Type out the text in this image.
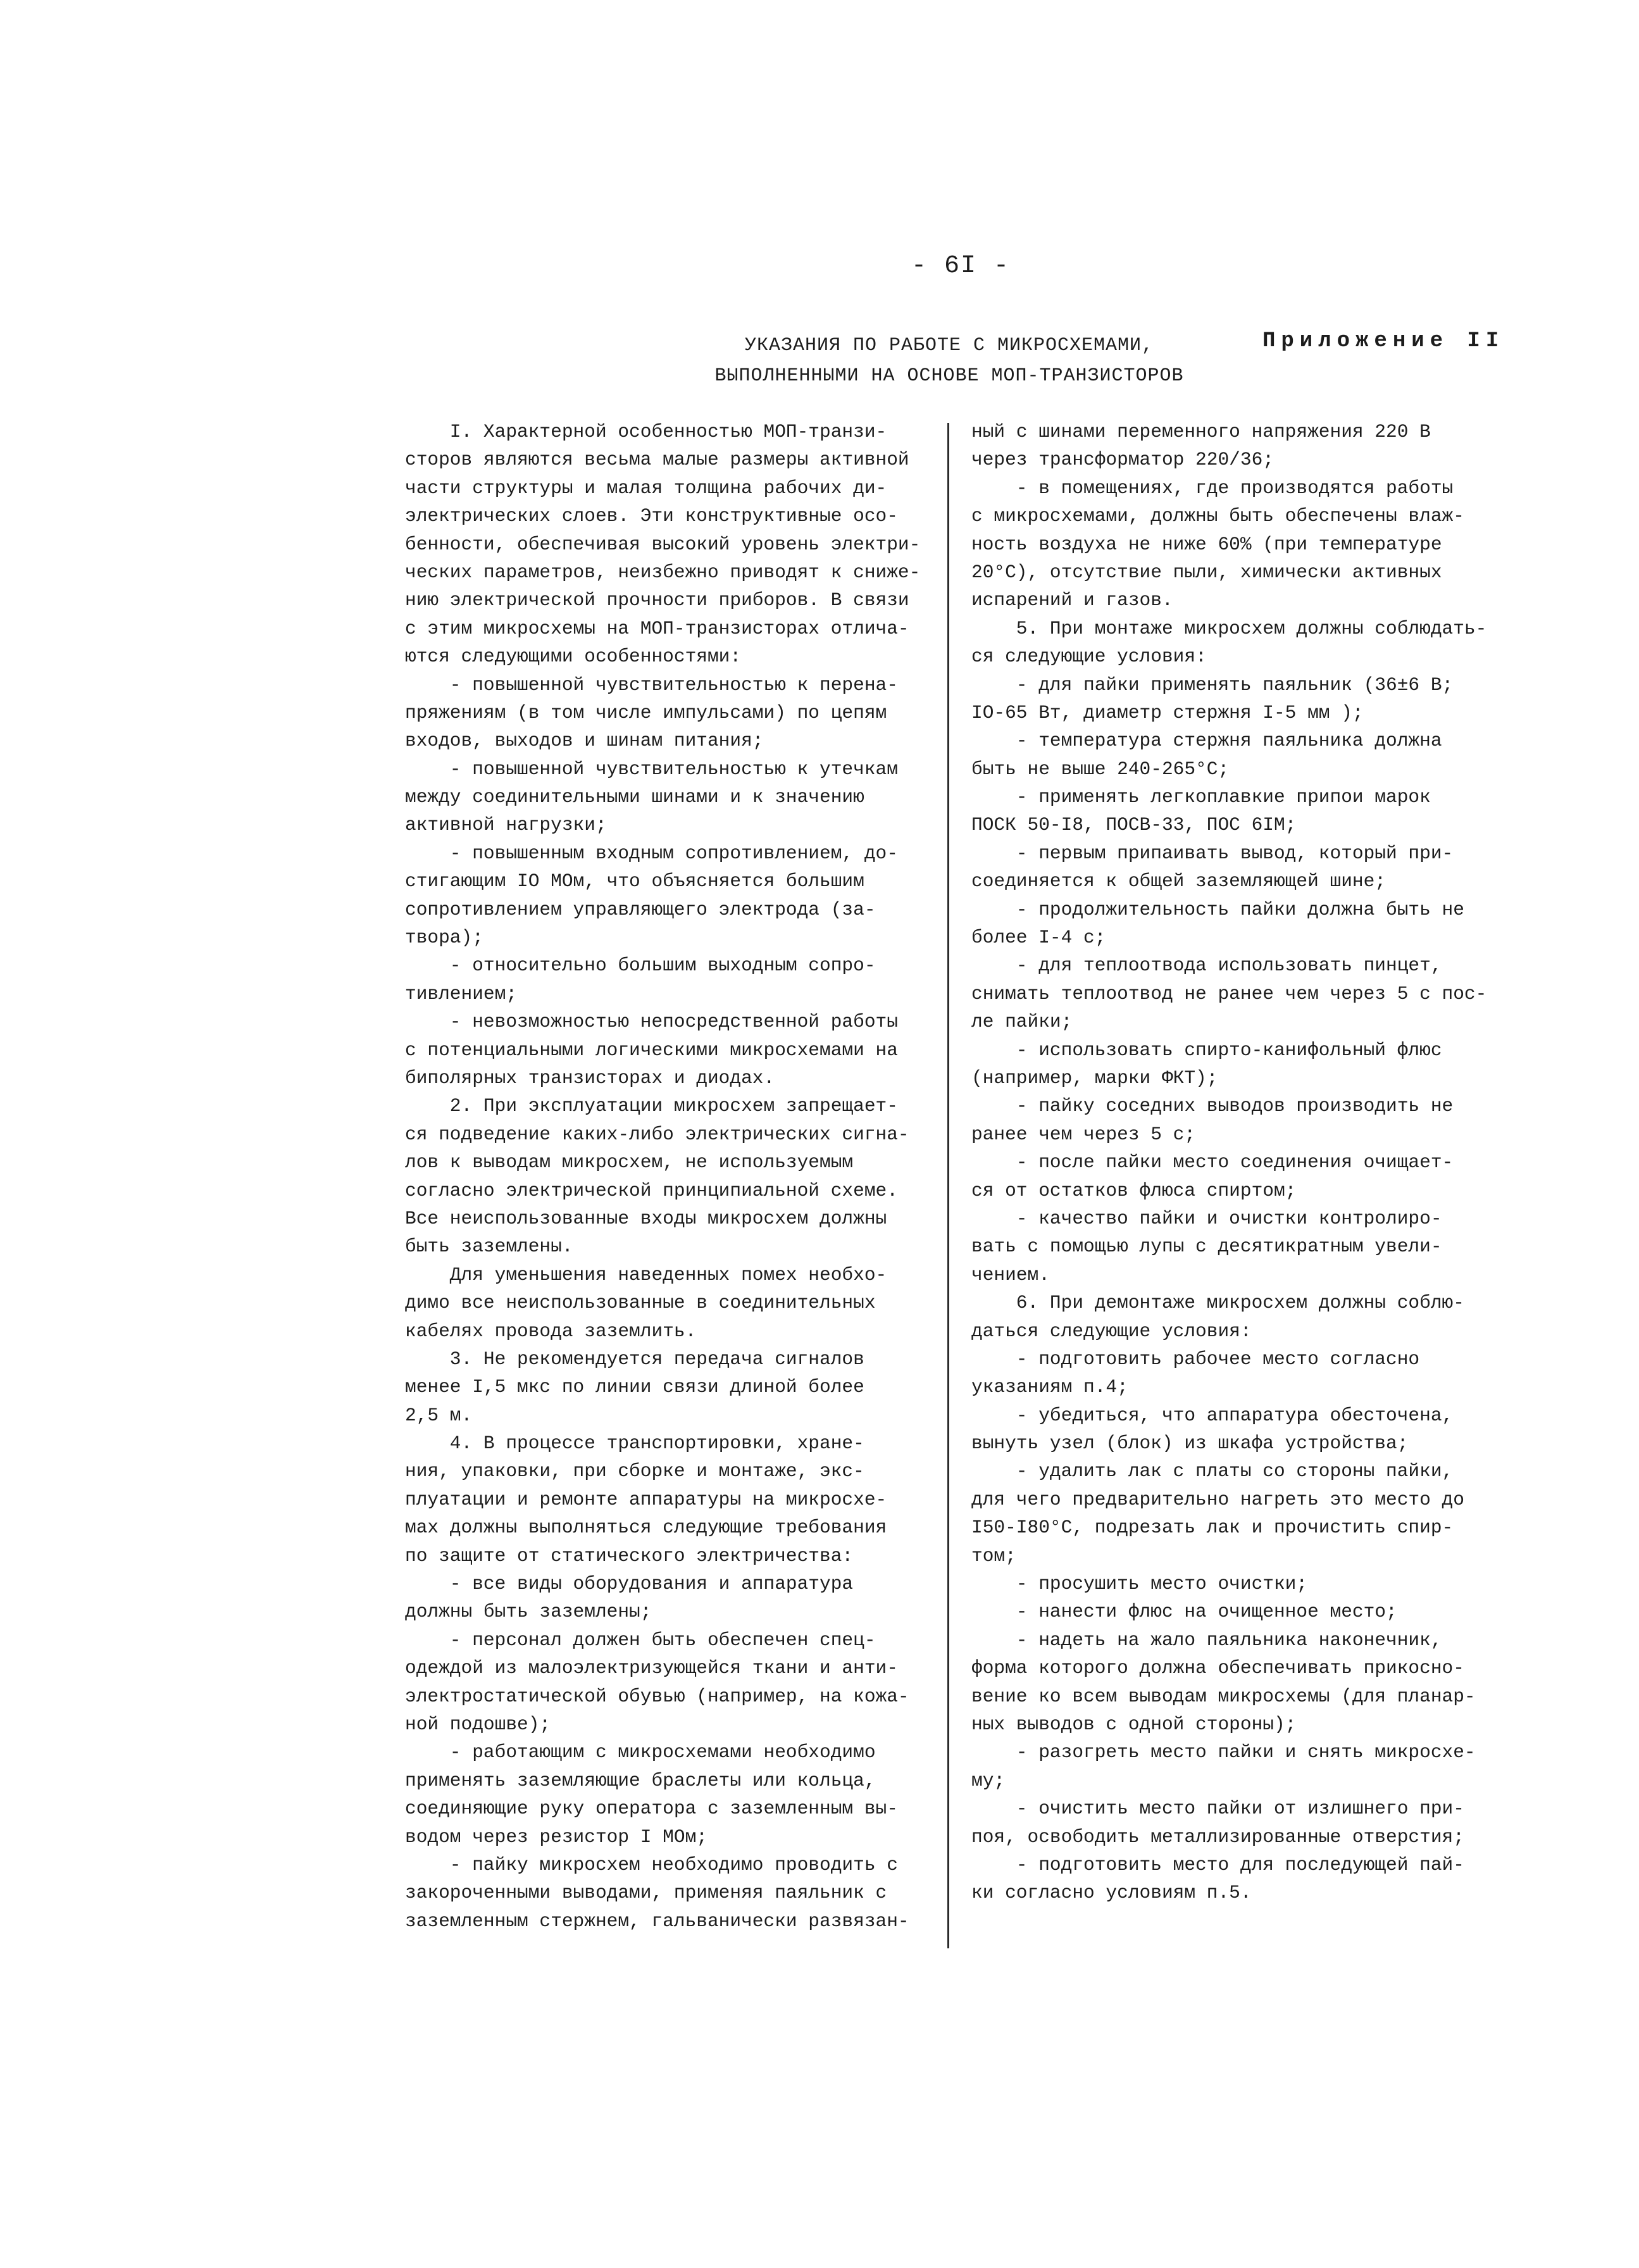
- 6I -
УКАЗАНИЯ ПО РАБОТЕ С МИКРОСХЕМАМИ,
ВЫПОЛНЕННЫМИ НА ОСНОВЕ МОП-ТРАНЗИСТОРОВ
Приложение II
I. Характерной особенностью МОП-транзи-
сторов являются весьма малые размеры активной
части структуры и малая толщина рабочих ди-
электрических слоев. Эти конструктивные осо-
бенности, обеспечивая высокий уровень электри-
ческих параметров, неизбежно приводят к сниже-
нию электрической прочности приборов. В связи
с этим микросхемы на МОП-транзисторах отлича-
ются следующими особенностями:
- повышенной чувствительностью к перена-
пряжениям (в том числе импульсами) по цепям
входов, выходов и шинам питания;
- повышенной чувствительностью к утечкам
между соединительными шинами и к значению
активной нагрузки;
- повышенным входным сопротивлением, до-
стигающим IO МОм, что объясняется большим
сопротивлением управляющего электрода (за-
твора);
- относительно большим выходным сопро-
тивлением;
- невозможностью непосредственной работы
с потенциальными логическими микросхемами на
биполярных транзисторах и диодах.
2. При эксплуатации микросхем запрещает-
ся подведение каких-либо электрических сигна-
лов к выводам микросхем, не используемым
согласно электрической принципиальной схеме.
Все неиспользованные входы микросхем должны
быть заземлены.
Для уменьшения наведенных помех необхо-
димо все неиспользованные в соединительных
кабелях провода заземлить.
3. Не рекомендуется передача сигналов
менее I,5 мкс по линии связи длиной более
2,5 м.
4. В процессе транспортировки, хране-
ния, упаковки, при сборке и монтаже, экс-
плуатации и ремонте аппаратуры на микросхе-
мах должны выполняться следующие требования
по защите от статического электричества:
- все виды оборудования и аппаратура
должны быть заземлены;
- персонал должен быть обеспечен спец-
одеждой из малоэлектризующейся ткани и анти-
электростатической обувью (например, на кожа-
ной подошве);
- работающим с микросхемами необходимо
применять заземляющие браслеты или кольца,
соединяющие руку оператора с заземленным вы-
водом через резистор I МОм;
- пайку микросхем необходимо проводить с
закороченными выводами, применяя паяльник с
заземленным стержнем, гальванически развязан-
ный с шинами переменного напряжения 220 В
через трансформатор 220/36;
- в помещениях, где производятся работы
с микросхемами, должны быть обеспечены влаж-
ность воздуха не ниже 60% (при температуре
20°С), отсутствие пыли, химически активных
испарений и газов.
5. При монтаже микросхем должны соблюдать-
ся следующие условия:
- для пайки применять паяльник (36±6 В;
IO-65 Вт, диаметр стержня I-5 мм );
- температура стержня паяльника должна
быть не выше 240-265°С;
- применять легкоплавкие припои марок
ПОСК 50-I8, ПОСВ-33, ПОС 6IМ;
- первым припаивать вывод, который при-
соединяется к общей заземляющей шине;
- продолжительность пайки должна быть не
более I-4 с;
- для теплоотвода использовать пинцет,
снимать теплоотвод не ранее чем через 5 с пос-
ле пайки;
- использовать спирто-канифольный флюс
(например, марки ФКТ);
- пайку соседних выводов производить не
ранее чем через 5 с;
- после пайки место соединения очищает-
ся от остатков флюса спиртом;
- качество пайки и очистки контролиро-
вать с помощью лупы с десятикратным увели-
чением.
6. При демонтаже микросхем должны соблю-
даться следующие условия:
- подготовить рабочее место согласно
указаниям п.4;
- убедиться, что аппаратура обесточена,
вынуть узел (блок) из шкафа устройства;
- удалить лак с платы со стороны пайки,
для чего предварительно нагреть это место до
I50-I80°С, подрезать лак и прочистить спир-
том;
- просушить место очистки;
- нанести флюс на очищенное место;
- надеть на жало паяльника наконечник,
форма которого должна обеспечивать прикосно-
вение ко всем выводам микросхемы (для планар-
ных выводов с одной стороны);
- разогреть место пайки и снять микросхе-
му;
- очистить место пайки от излишнего при-
поя, освободить металлизированные отверстия;
- подготовить место для последующей пай-
ки согласно условиям п.5.
